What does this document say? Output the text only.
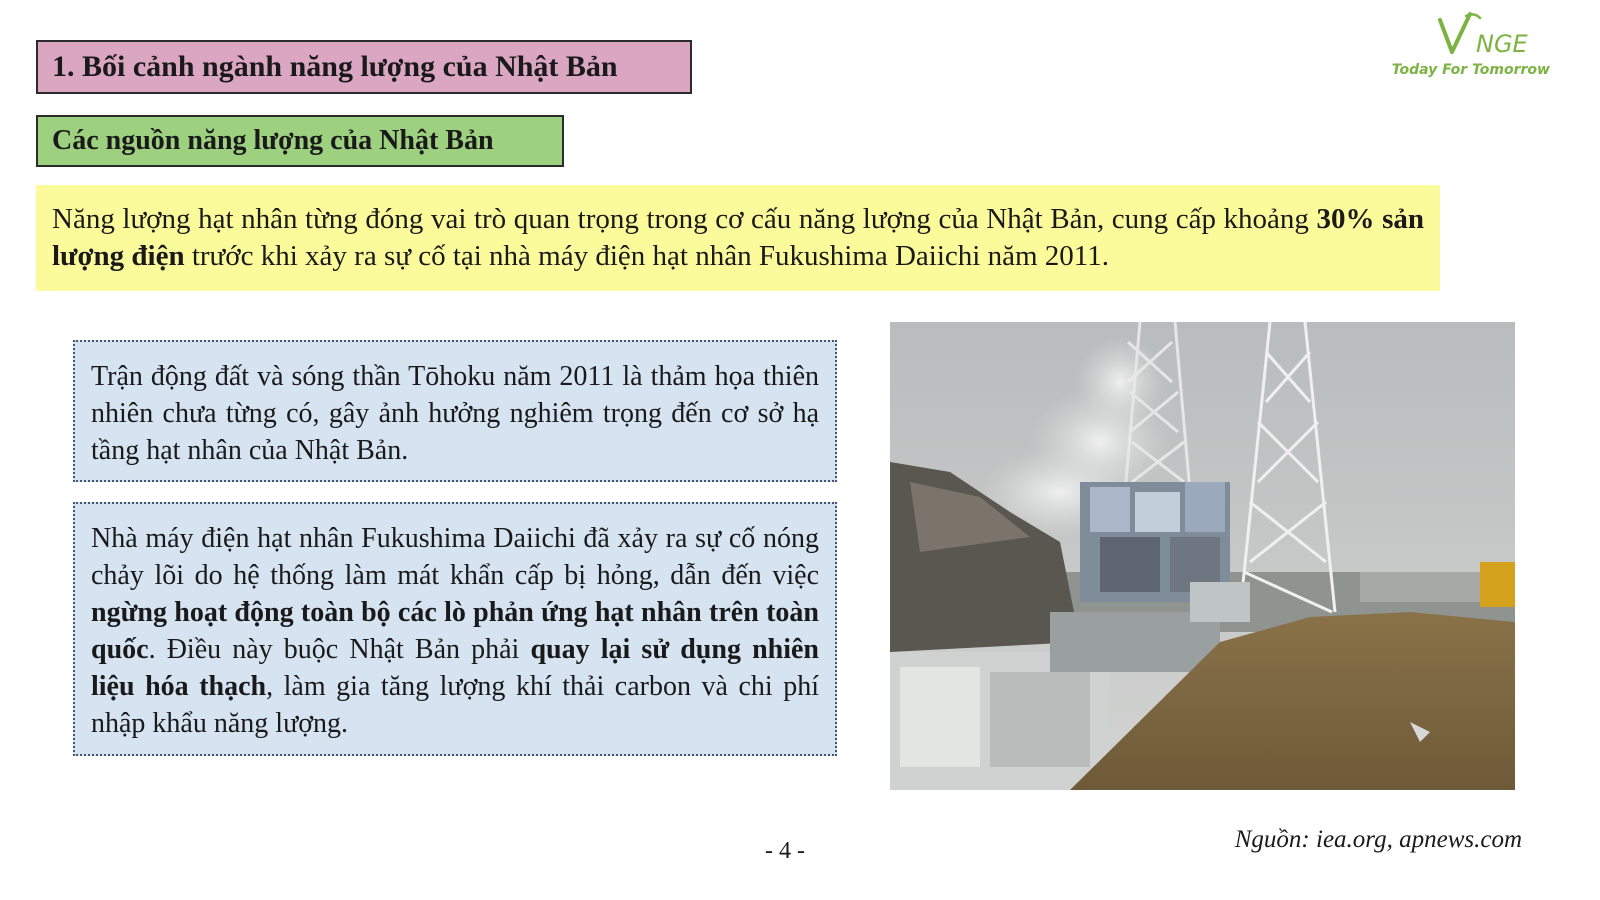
1. Bối cảnh ngành năng lượng của Nhật Bản
Các nguồn năng lượng của Nhật Bản
NGE
Today For Tomorrow
Năng lượng hạt nhân từng đóng vai trò quan trọng trong cơ cấu năng lượng của Nhật Bản, cung cấp khoảng 30% sản lượng điện trước khi xảy ra sự cố tại nhà máy điện hạt nhân Fukushima Daiichi năm 2011.
Trận động đất và sóng thần Tōhoku năm 2011 là thảm họa thiên nhiên chưa từng có, gây ảnh hưởng nghiêm trọng đến cơ sở hạ tầng hạt nhân của Nhật Bản.
Nhà máy điện hạt nhân Fukushima Daiichi đã xảy ra sự cố nóng chảy lõi do hệ thống làm mát khẩn cấp bị hỏng, dẫn đến việc ngừng hoạt động toàn bộ các lò phản ứng hạt nhân trên toàn quốc. Điều này buộc Nhật Bản phải quay lại sử dụng nhiên liệu hóa thạch, làm gia tăng lượng khí thải carbon và chi phí nhập khẩu năng lượng.
- 4 -	Nguồn: iea.org, apnews.com
